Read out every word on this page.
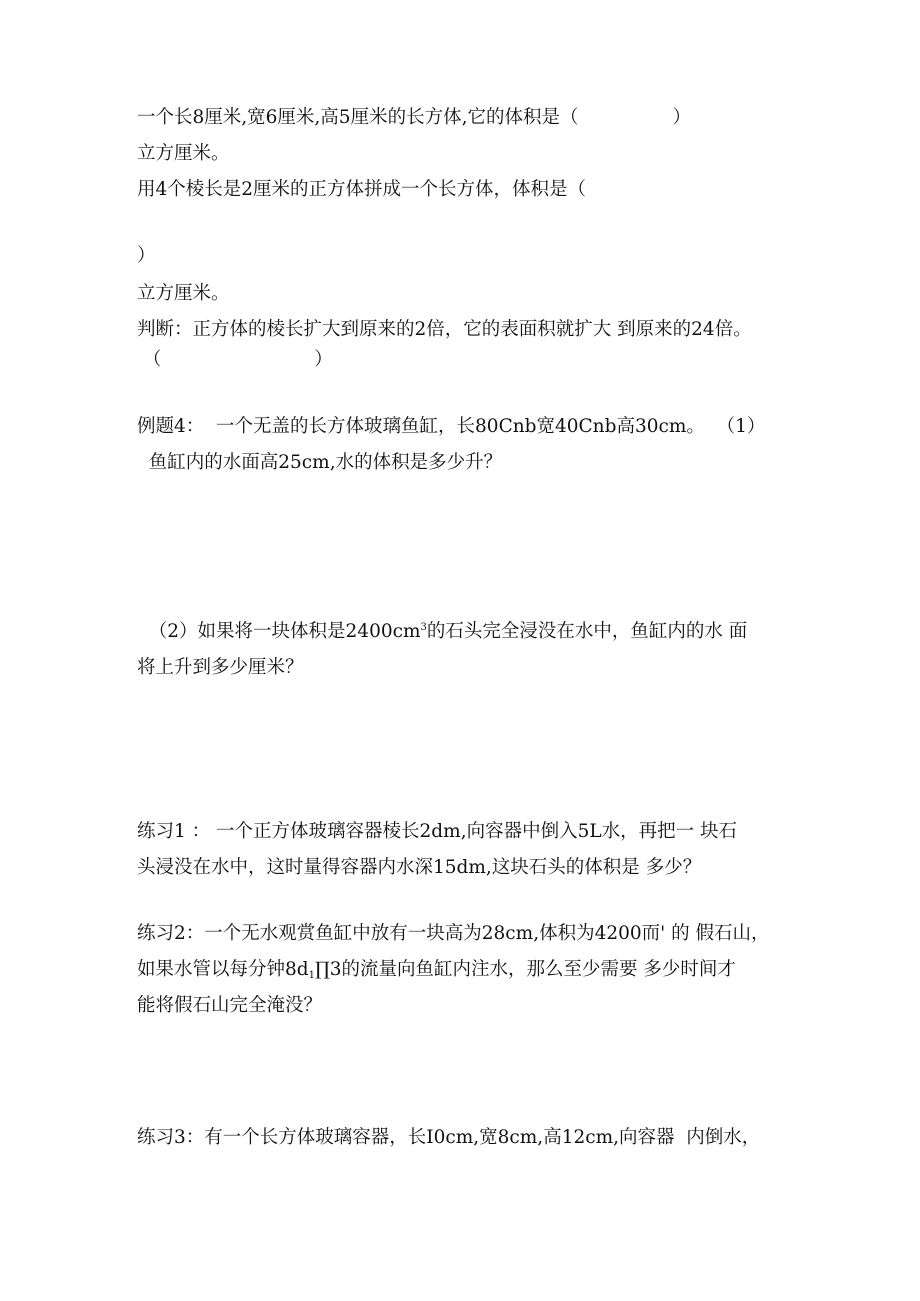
一个长8厘米,宽6厘米,高5厘米的长方体,它的体积是（                ）
立方厘米。
用4个棱长是2厘米的正方体拼成一个长方体，体积是（
）
立方厘米。
判断：正方体的棱长扩大到原来的2倍，它的表面积就扩大 到原来的24倍。
（                          ）
例题4：  一个无盖的长方体玻璃鱼缸，长80Cnb宽40Cnb高30cm。  （1）
鱼缸内的水面高25cm,水的体积是多少升？
（2）如果将一块体积是$2400cm^3$的石头完全浸没在水中，鱼缸内的水 面
将上升到多少厘米？
练习1 ： 一个正方体玻璃容器棱长2dm,向容器中倒入5L水，再把一 块石
头浸没在水中，这时量得容器内水深15dm,这块石头的体积是 多少？
练习2：一个无水观赏鱼缸中放有一块高为28cm,体积为4200而' 的 假石山，
如果水管以每分钟$8d_1\prod 3$的流量向鱼缸内注水，那么至少需要 多少时间才
能将假石山完全淹没？
练习3：有一个长方体玻璃容器，长I0cm,宽8cm,高12cm,向容器  内倒水，
